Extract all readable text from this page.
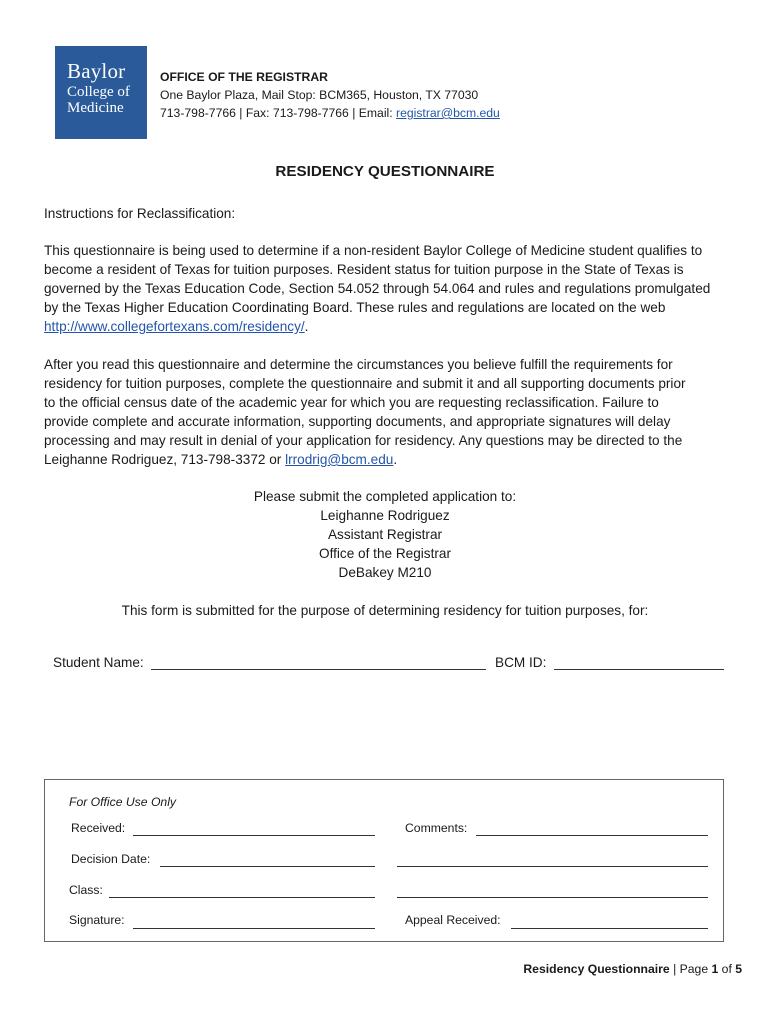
Baylor
College of
Medicine
OFFICE OF THE REGISTRAR
One Baylor Plaza, Mail Stop: BCM365, Houston, TX 77030
713-798-7766 | Fax: 713-798-7766 | Email: registrar@bcm.edu
RESIDENCY QUESTIONNAIRE
Instructions for Reclassification:
This questionnaire is being used to determine if a non-resident Baylor College of Medicine student qualifies to
become a resident of Texas for tuition purposes. Resident status for tuition purpose in the State of Texas is
governed by the Texas Education Code, Section 54.052 through 54.064 and rules and regulations promulgated
by the Texas Higher Education Coordinating Board. These rules and regulations are located on the web
http://www.collegefortexans.com/residency/.
After you read this questionnaire and determine the circumstances you believe fulfill the requirements for
residency for tuition purposes, complete the questionnaire and submit it and all supporting documents prior
to the official census date of the academic year for which you are requesting reclassification. Failure to
provide complete and accurate information, supporting documents, and appropriate signatures will delay
processing and may result in denial of your application for residency. Any questions may be directed to the
Leighanne Rodriguez, 713-798-3372 or lrrodrig@bcm.edu.
Please submit the completed application to:
Leighanne Rodriguez
Assistant Registrar
Office of the Registrar
DeBakey M210
This form is submitted for the purpose of determining residency for tuition purposes, for:
Student Name:	BCM ID:
For Office Use Only
Received:	Comments:
Decision Date:
Class:
Signature:	Appeal Received:
Residency Questionnaire | Page 1 of 5
